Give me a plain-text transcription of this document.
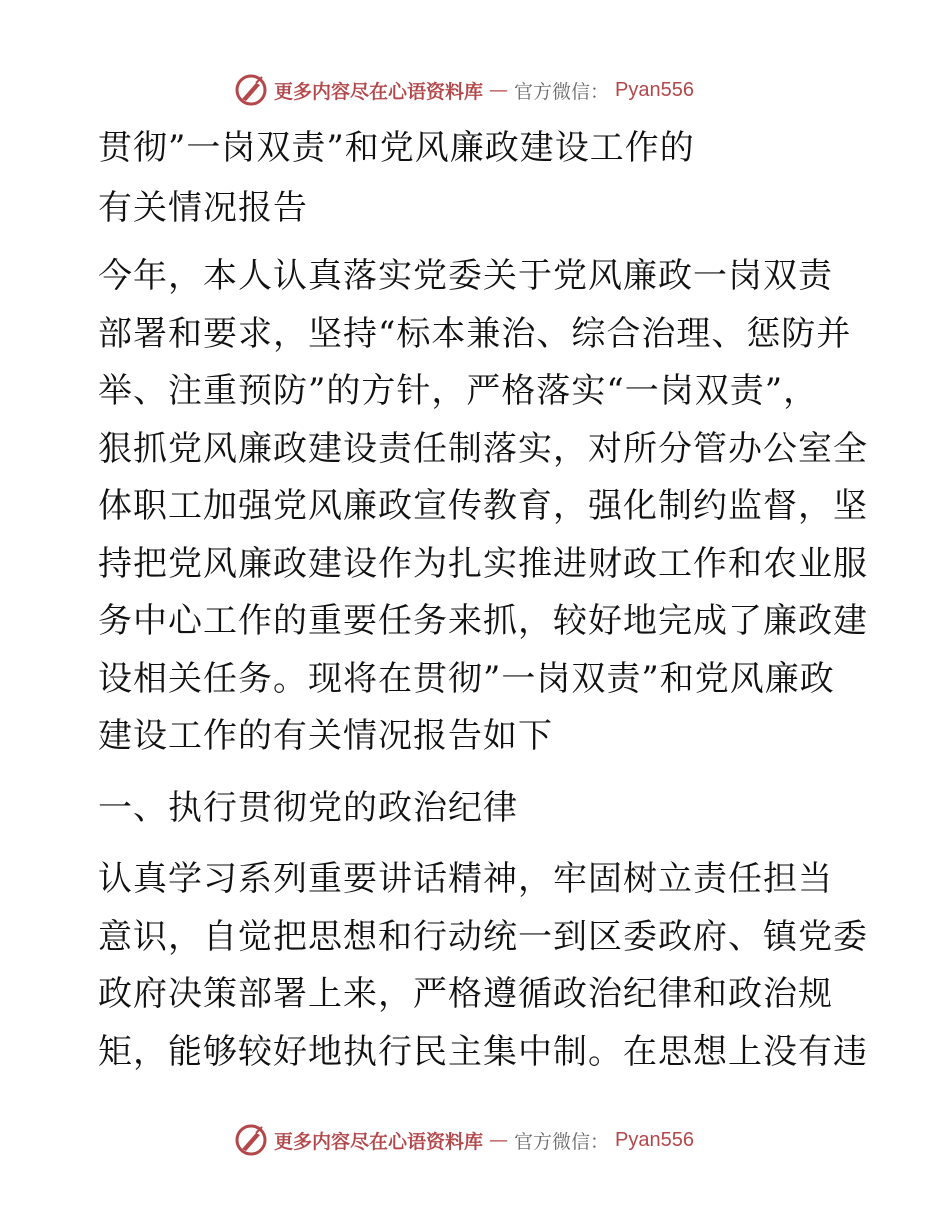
更多内容尽在心语资料库 — 官方微信： Pyan556
贯彻”一岗双责”和党风廉政建设工作的
有关情况报告
今年，本人认真落实党委关于党风廉政一岗双责
部署和要求，坚持“标本兼治、综合治理、惩防并
举、注重预防”的方针，严格落实“一岗双责”，
狠抓党风廉政建设责任制落实，对所分管办公室全
体职工加强党风廉政宣传教育，强化制约监督，坚
持把党风廉政建设作为扎实推进财政工作和农业服
务中心工作的重要任务来抓，较好地完成了廉政建
设相关任务。现将在贯彻”一岗双责”和党风廉政
建设工作的有关情况报告如下
一、执行贯彻党的政治纪律
认真学习系列重要讲话精神，牢固树立责任担当
意识，自觉把思想和行动统一到区委政府、镇党委
政府决策部署上来，严格遵循政治纪律和政治规
矩，能够较好地执行民主集中制。在思想上没有违
更多内容尽在心语资料库 — 官方微信： Pyan556
